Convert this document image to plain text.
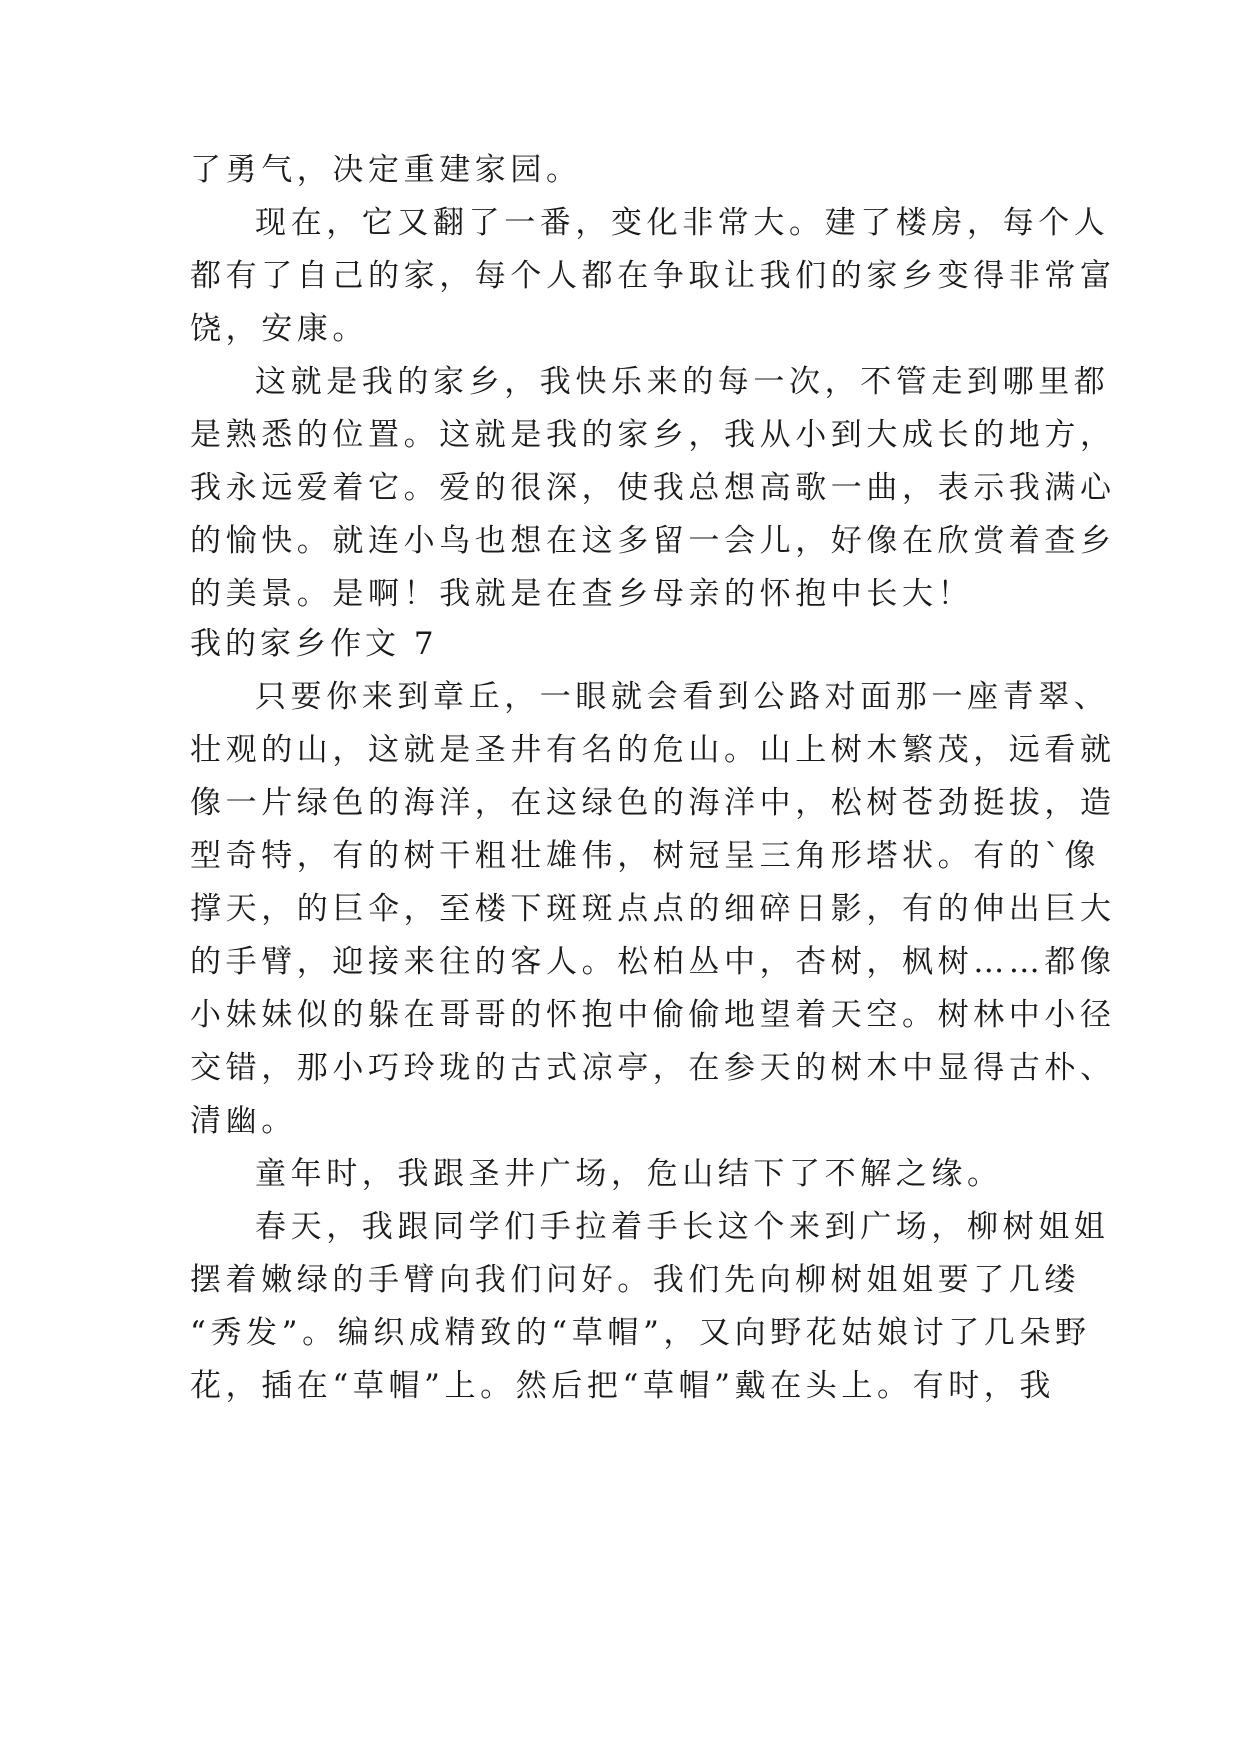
了勇气，决定重建家园。
现在，它又翻了一番，变化非常大。建了楼房，每个人
都有了自己的家，每个人都在争取让我们的家乡变得非常富
饶，安康。
这就是我的家乡，我快乐来的每一次，不管走到哪里都
是熟悉的位置。这就是我的家乡，我从小到大成长的地方，
我永远爱着它。爱的很深，使我总想高歌一曲，表示我满心
的愉快。就连小鸟也想在这多留一会儿，好像在欣赏着查乡
的美景。是啊！我就是在查乡母亲的怀抱中长大！
我的家乡作文 7
只要你来到章丘，一眼就会看到公路对面那一座青翠、
壮观的山，这就是圣井有名的危山。山上树木繁茂，远看就
像一片绿色的海洋，在这绿色的海洋中，松树苍劲挺拔，造
型奇特，有的树干粗壮雄伟，树冠呈三角形塔状。有的`像
撑天，的巨伞，至楼下斑斑点点的细碎日影，有的伸出巨大
的手臂，迎接来往的客人。松柏丛中，杏树，枫树……都像
小妹妹似的躲在哥哥的怀抱中偷偷地望着天空。树林中小径
交错，那小巧玲珑的古式凉亭，在参天的树木中显得古朴、
清幽。
童年时，我跟圣井广场，危山结下了不解之缘。
春天，我跟同学们手拉着手长这个来到广场，柳树姐姐
摆着嫩绿的手臂向我们问好。我们先向柳树姐姐要了几缕
“秀发”。编织成精致的“草帽”，又向野花姑娘讨了几朵野
花，插在“草帽”上。然后把“草帽”戴在头上。有时，我
